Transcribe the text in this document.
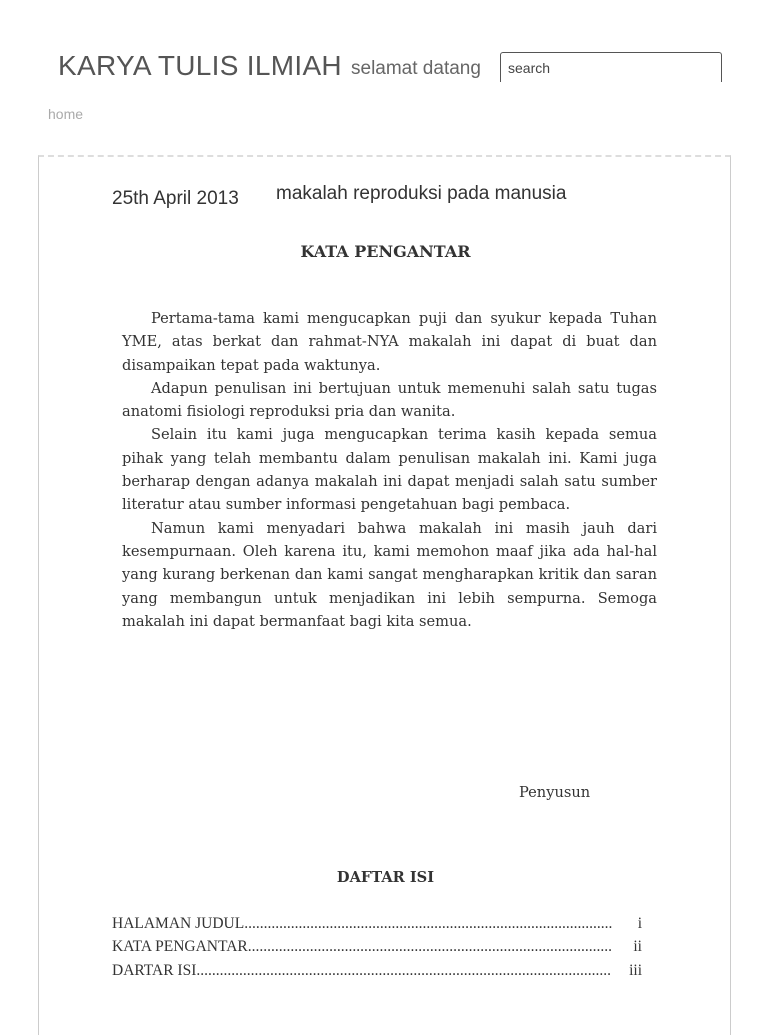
KARYA TULIS ILMIAH selamat datang
search
home
25th April 2013 makalah reproduksi pada manusia
KATA PENGANTAR

Pertama-tama kami mengucapkan puji dan syukur kepada Tuhan YME, atas berkat dan rahmat-NYA makalah ini dapat di buat dan disampaikan tepat pada waktunya.

Adapun penulisan ini bertujuan untuk memenuhi salah satu tugas anatomi fisiologi reproduksi pria dan wanita.

Selain itu kami juga mengucapkan terima kasih kepada semua pihak yang telah membantu dalam penulisan makalah ini. Kami juga berharap dengan adanya makalah ini dapat menjadi salah satu sumber literatur atau sumber informasi pengetahuan bagi pembaca.

Namun kami menyadari bahwa makalah ini masih jauh dari kesempurnaan. Oleh karena itu, kami memohon maaf jika ada hal-hal yang kurang berkenan dan kami sangat mengharapkan kritik dan saran yang membangun untuk menjadikan ini lebih sempurna. Semoga makalah ini dapat bermanfaat bagi kita semua.

Penyusun
DAFTAR ISI
HALAMAN JUDUL .....	i
KATA PENGANTAR .....	ii
DARTAR ISI .....	iii
